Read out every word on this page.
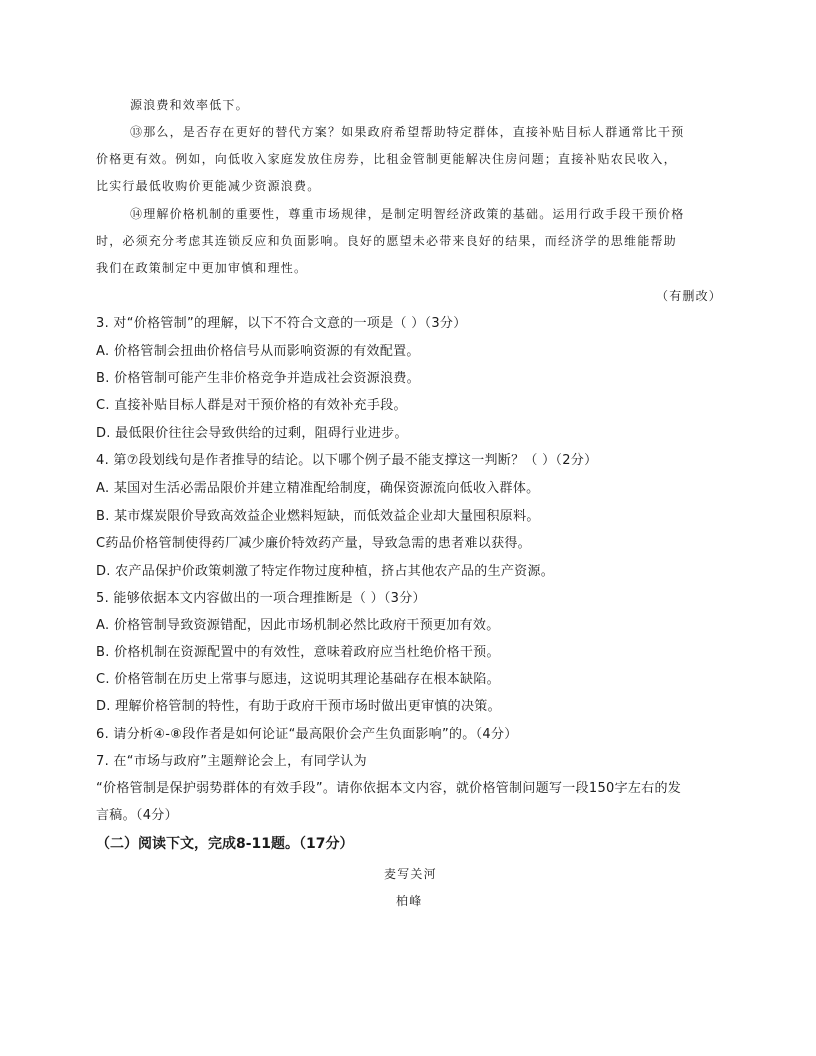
源浪费和效率低下。
⑬那么，是否存在更好的替代方案？如果政府希望帮助特定群体，直接补贴目标人群通常比干预
价格更有效。例如，向低收入家庭发放住房券，比租金管制更能解决住房问题；直接补贴农民收入，
比实行最低收购价更能减少资源浪费。
⑭理解价格机制的重要性，尊重市场规律，是制定明智经济政策的基础。运用行政手段干预价格
时，必须充分考虑其连锁反应和负面影响。良好的愿望未必带来良好的结果，而经济学的思维能帮助
我们在政策制定中更加审慎和理性。
（有删改）
3. 对“价格管制”的理解，以下不符合文意的一项是（ ）（3分）
A. 价格管制会扭曲价格信号从而影响资源的有效配置。
B. 价格管制可能产生非价格竞争并造成社会资源浪费。
C. 直接补贴目标人群是对干预价格的有效补充手段。
D. 最低限价往往会导致供给的过剩，阻碍行业进步。
4. 第⑦段划线句是作者推导的结论。以下哪个例子最不能支撑这一判断？（ ）（2分）
A. 某国对生活必需品限价并建立精准配给制度，确保资源流向低收入群体。
B. 某市煤炭限价导致高效益企业燃料短缺，而低效益企业却大量囤积原料。
C药品价格管制使得药厂减少廉价特效药产量，导致急需的患者难以获得。
D. 农产品保护价政策刺激了特定作物过度种植，挤占其他农产品的生产资源。
5. 能够依据本文内容做出的一项合理推断是（ ）（3分）
A. 价格管制导致资源错配，因此市场机制必然比政府干预更加有效。
B. 价格机制在资源配置中的有效性，意味着政府应当杜绝价格干预。
C. 价格管制在历史上常事与愿违，这说明其理论基础存在根本缺陷。
D. 理解价格管制的特性，有助于政府干预市场时做出更审慎的决策。
6. 请分析④-⑧段作者是如何论证“最高限价会产生负面影响”的。（4分）
7. 在“市场与政府”主题辩论会上，有同学认为
“价格管制是保护弱势群体的有效手段”。请你依据本文内容，就价格管制问题写一段150字左右的发
言稿。（4分）
（二）阅读下文，完成8-11题。（17分）
麦写关河
柏峰
